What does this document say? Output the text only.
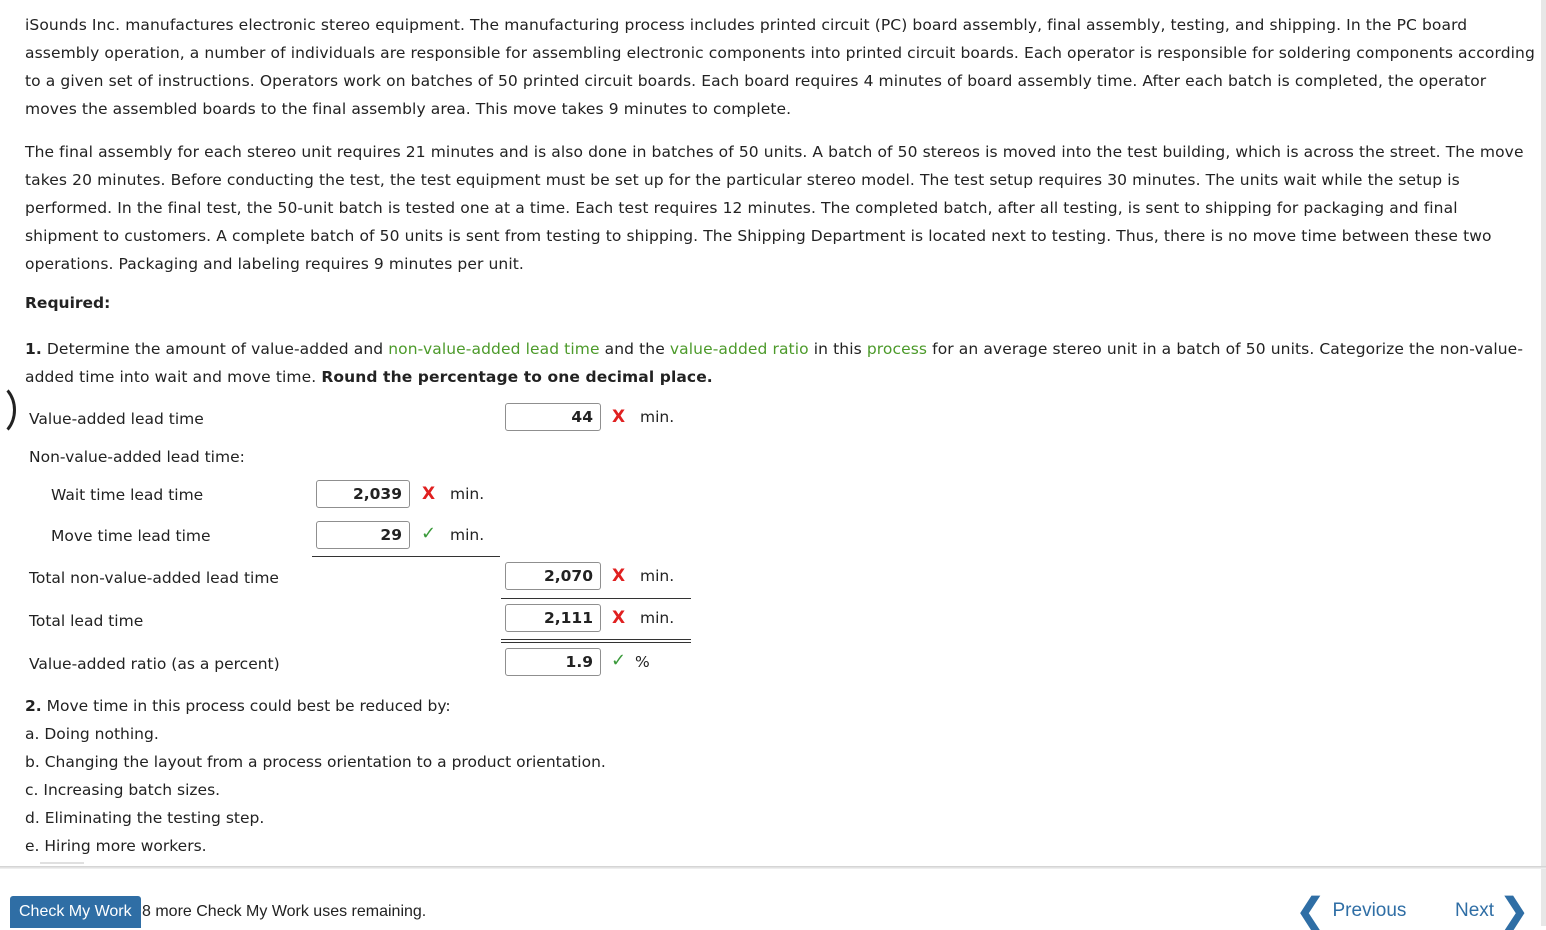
iSounds Inc. manufactures electronic stereo equipment. The manufacturing process includes printed circuit (PC) board assembly, final assembly, testing, and shipping. In the PC board assembly operation, a number of individuals are responsible for assembling electronic components into printed circuit boards. Each operator is responsible for soldering components according to a given set of instructions. Operators work on batches of 50 printed circuit boards. Each board requires 4 minutes of board assembly time. After each batch is completed, the operator moves the assembled boards to the final assembly area. This move takes 9 minutes to complete.

The final assembly for each stereo unit requires 21 minutes and is also done in batches of 50 units. A batch of 50 stereos is moved into the test building, which is across the street. The move takes 20 minutes. Before conducting the test, the test equipment must be set up for the particular stereo model. The test setup requires 30 minutes. The units wait while the setup is performed. In the final test, the 50-unit batch is tested one at a time. Each test requires 12 minutes. The completed batch, after all testing, is sent to shipping for packaging and final shipment to customers. A complete batch of 50 units is sent from testing to shipping. The Shipping Department is located next to testing. Thus, there is no move time between these two operations. Packaging and labeling requires 9 minutes per unit.

Required:

1. Determine the amount of value-added and non-value-added lead time and the value-added ratio in this process for an average stereo unit in a batch of 50 units. Categorize the non-value-added time into wait and move time. Round the percentage to one decimal place.

Value-added lead time	44	X min.
Non-value-added lead time:
Wait time lead time	2,039	X min.
Move time lead time	29	✓ min.
Total non-value-added lead time	2,070	X min.
Total lead time	2,111	X min.
Value-added ratio (as a percent)	1.9	✓ %
2. Move time in this process could best be reduced by:
a. Doing nothing.
b. Changing the layout from a process orientation to a product orientation.
c. Increasing batch sizes.
d. Eliminating the testing step.
e. Hiring more workers.
Check My Work 8 more Check My Work uses remaining.	❮ Previous	Next ❯
